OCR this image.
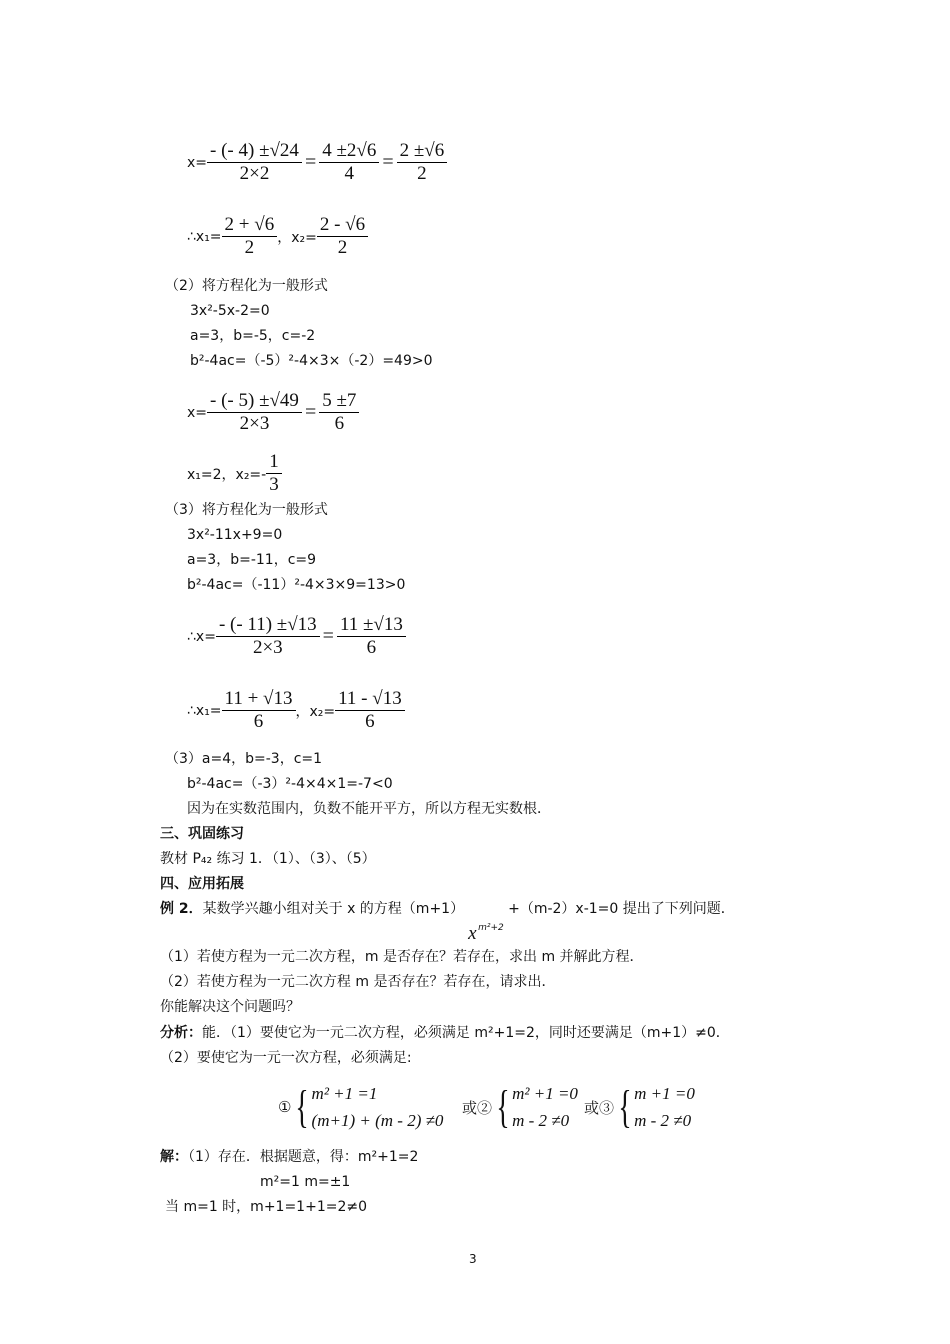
$x= \frac{- (- 4) \pm√24}{2\times 2} = \frac{4 \pm 2√6}{4} = \frac{2 \pm√6}{2}$
∴x₁= $\frac{2 + √6}{2}$ ，$x_2= \frac{2 - √6}{2}$
（2）将方程化为一般形式
3x²-5x-2=0
a=3，b=-5，c=-2
b²-4ac=（-5）²-4×3×（-2）=49>0
$x= \frac{- (- 5) \pm√49}{2\times 3} = \frac{5 \pm 7}{6}$
x₁=2，$x_2=- \frac{1}{3}$
（3）将方程化为一般形式
3x²-11x+9=0
a=3，b=-11，c=9
b²-4ac=（-11）²-4×3×9=13>0
∴x= $\frac{- (- 11) \pm√13}{2\times 3} = \frac{11 \pm√13}{6}$
∴x₁= $\frac{11 + √13}{6}$ ，$x_2= \frac{11 - √13}{6}$
（3）a=4，b=-3，c=1
b²-4ac=（-3）²-4×4×1=-7<0
因为在实数范围内，负数不能开平方，所以方程无实数根．
三、巩固练习
教材 P₄₂ 练习 1．（1）、（3）、（5）
四、应用拓展
例 2．某数学兴趣小组对关于 x 的方程（m+1）
x m²+2
+（m-2）x-1=0 提出了下列问题．
（1）若使方程为一元二次方程，m 是否存在？若存在，求出 m 并解此方程．
（2）若使方程为一元二次方程 m 是否存在？若存在，请求出．
你能解决这个问题吗？
分析：能．（1）要使它为一元二次方程，必须满足 m²+1=2，同时还要满足（m+1）≠0．
（2）要使它为一元一次方程，必须满足:
① { m² +1 =1
(m+1) + (m - 2) ≠0
或② { m² +1 =0
m - 2 ≠0
或③ { m +1 =0
m - 2 ≠0
解：（1）存在．根据题意，得：m²+1=2
m²=1 m=±1
当 m=1 时，m+1=1+1=2≠0
3
